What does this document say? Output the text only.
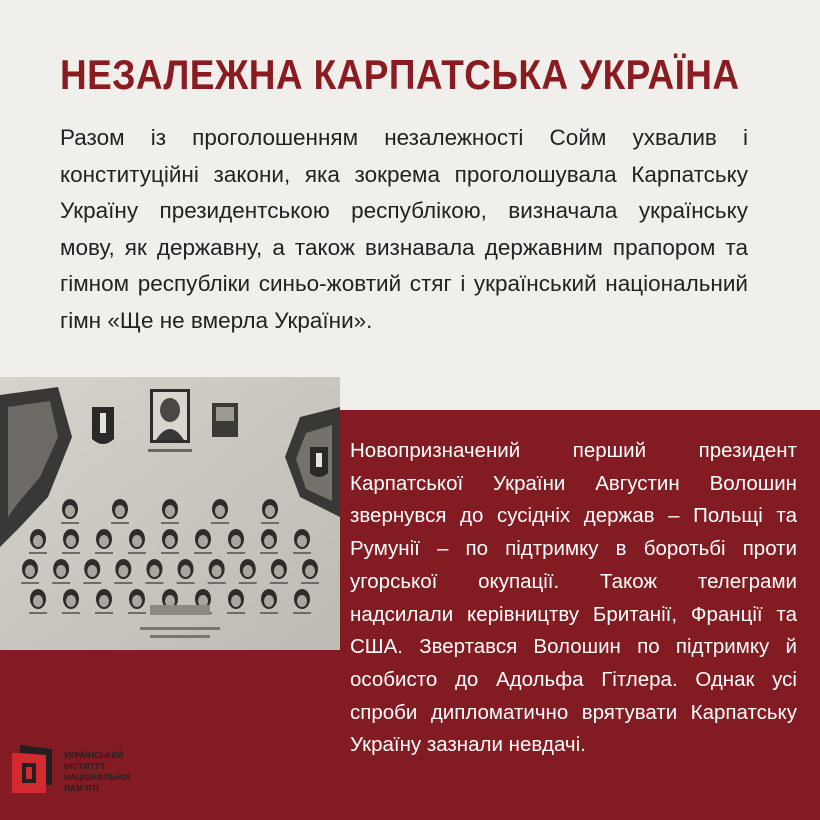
НЕЗАЛЕЖНА КАРПАТСЬКА УКРАЇНА

Разом із проголошенням незалежності Сойм ухвалив і конституційні закони, яка зокрема проголошувала Карпатську Україну президентською республікою, визначала українську мову, як державну, а також визнавала державним прапором та гімном республіки синьо-жовтий стяг і український національний гімн «Ще не вмерла України».

Новопризначений перший президент Карпатської України Августин Волошин звернувся до сусідніх держав – Польщі та Румунії – по підтримку в боротьбі проти угорської окупації. Також телеграми надсилали керівництву Британії, Франції та США. Звертався Волошин по підтримку й особисто до Адольфа Гітлера. Однак усі спроби дипломатично врятувати Карпатську Україну зазнали невдачі.

УКРАЇНСЬКИЙ
ІНСТИТУТ
НАЦІОНАЛЬНОЇ
ПАМ'ЯТІ
